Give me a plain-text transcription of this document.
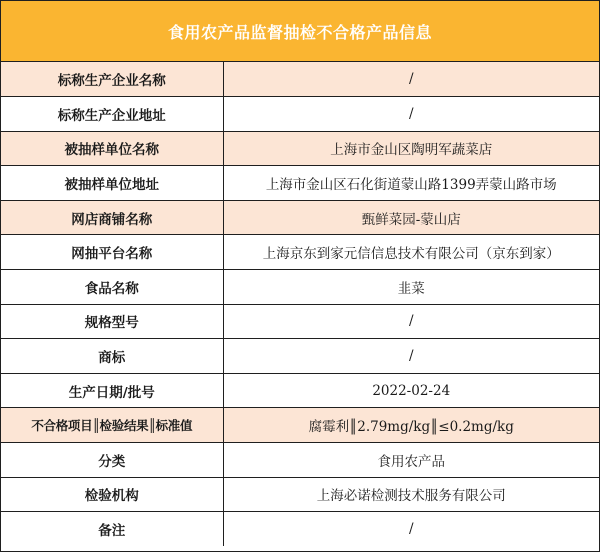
食用农产品监督抽检不合格产品信息
标称生产企业名称	/
标称生产企业地址	/
被抽样单位名称	上海市金山区陶明军蔬菜店
被抽样单位地址	上海市金山区石化街道蒙山路1399弄蒙山路市场
网店商铺名称	甄鲜菜园-蒙山店
网抽平台名称	上海京东到家元信信息技术有限公司（京东到家）
食品名称	韭菜
规格型号	/
商标	/
生产日期/批号	2022-02-24
不合格项目║检验结果║标准值	腐霉利║2.79mg/kg║≤0.2mg/kg
分类	食用农产品
检验机构	上海必诺检测技术服务有限公司
备注	/
